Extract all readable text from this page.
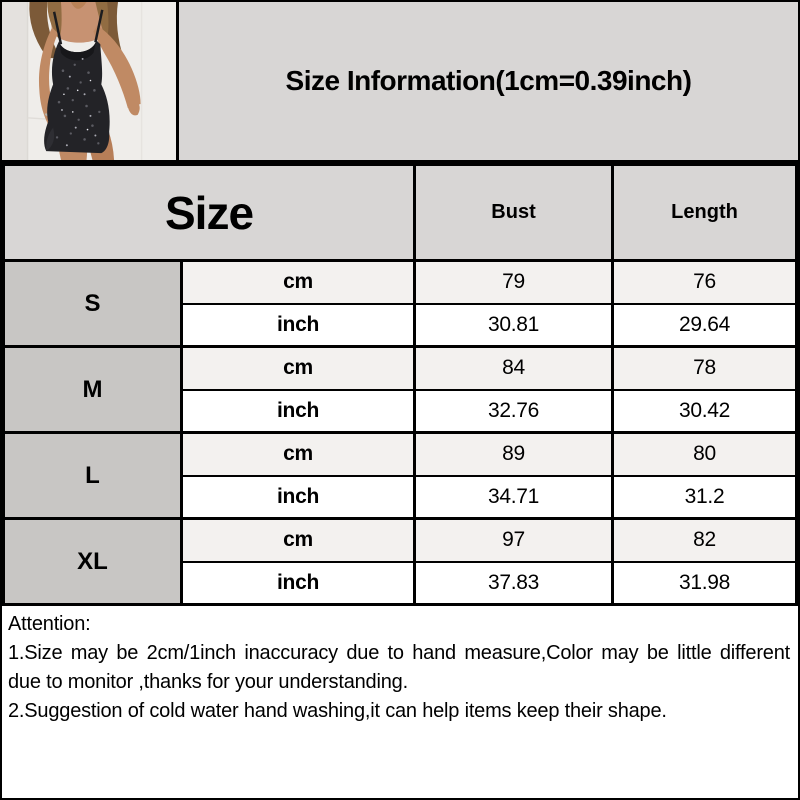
Size Information(1cm=0.39inch)
Size		Bust	Length
S	cm	79	76
	inch	30.81	29.64
M	cm	84	78
	inch	32.76	30.42
L	cm	89	80
	inch	34.71	31.2
XL	cm	97	82
	inch	37.83	31.98

Attention:

1.Size may be 2cm/1inch inaccuracy due to hand measure,Color may be little different due to monitor ,thanks for your understanding.

2.Suggestion of cold water hand washing,it can help items keep their shape.
